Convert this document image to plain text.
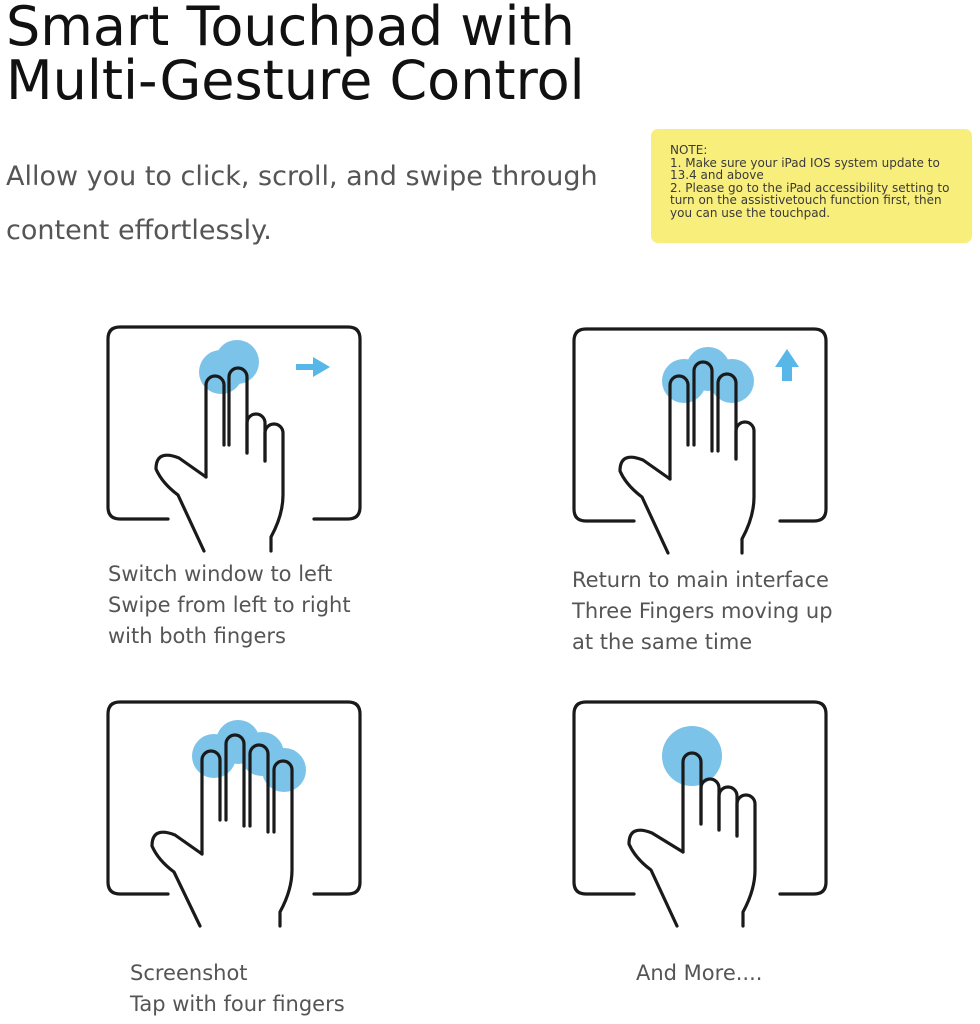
Smart Touchpad with
Multi-Gesture Control

Allow you to click, scroll, and swipe through content effortlessly.

NOTE:

1. Make sure your iPad IOS system update to 13.4 and above

2. Please go to the iPad accessibility setting to turn on the assistivetouch function first, then you can use the touchpad.

Switch window to left
Swipe from left to right
with both fingers

Return to main interface
Three Fingers moving up
at the same time

Screenshot
Tap with four fingers

And More....
